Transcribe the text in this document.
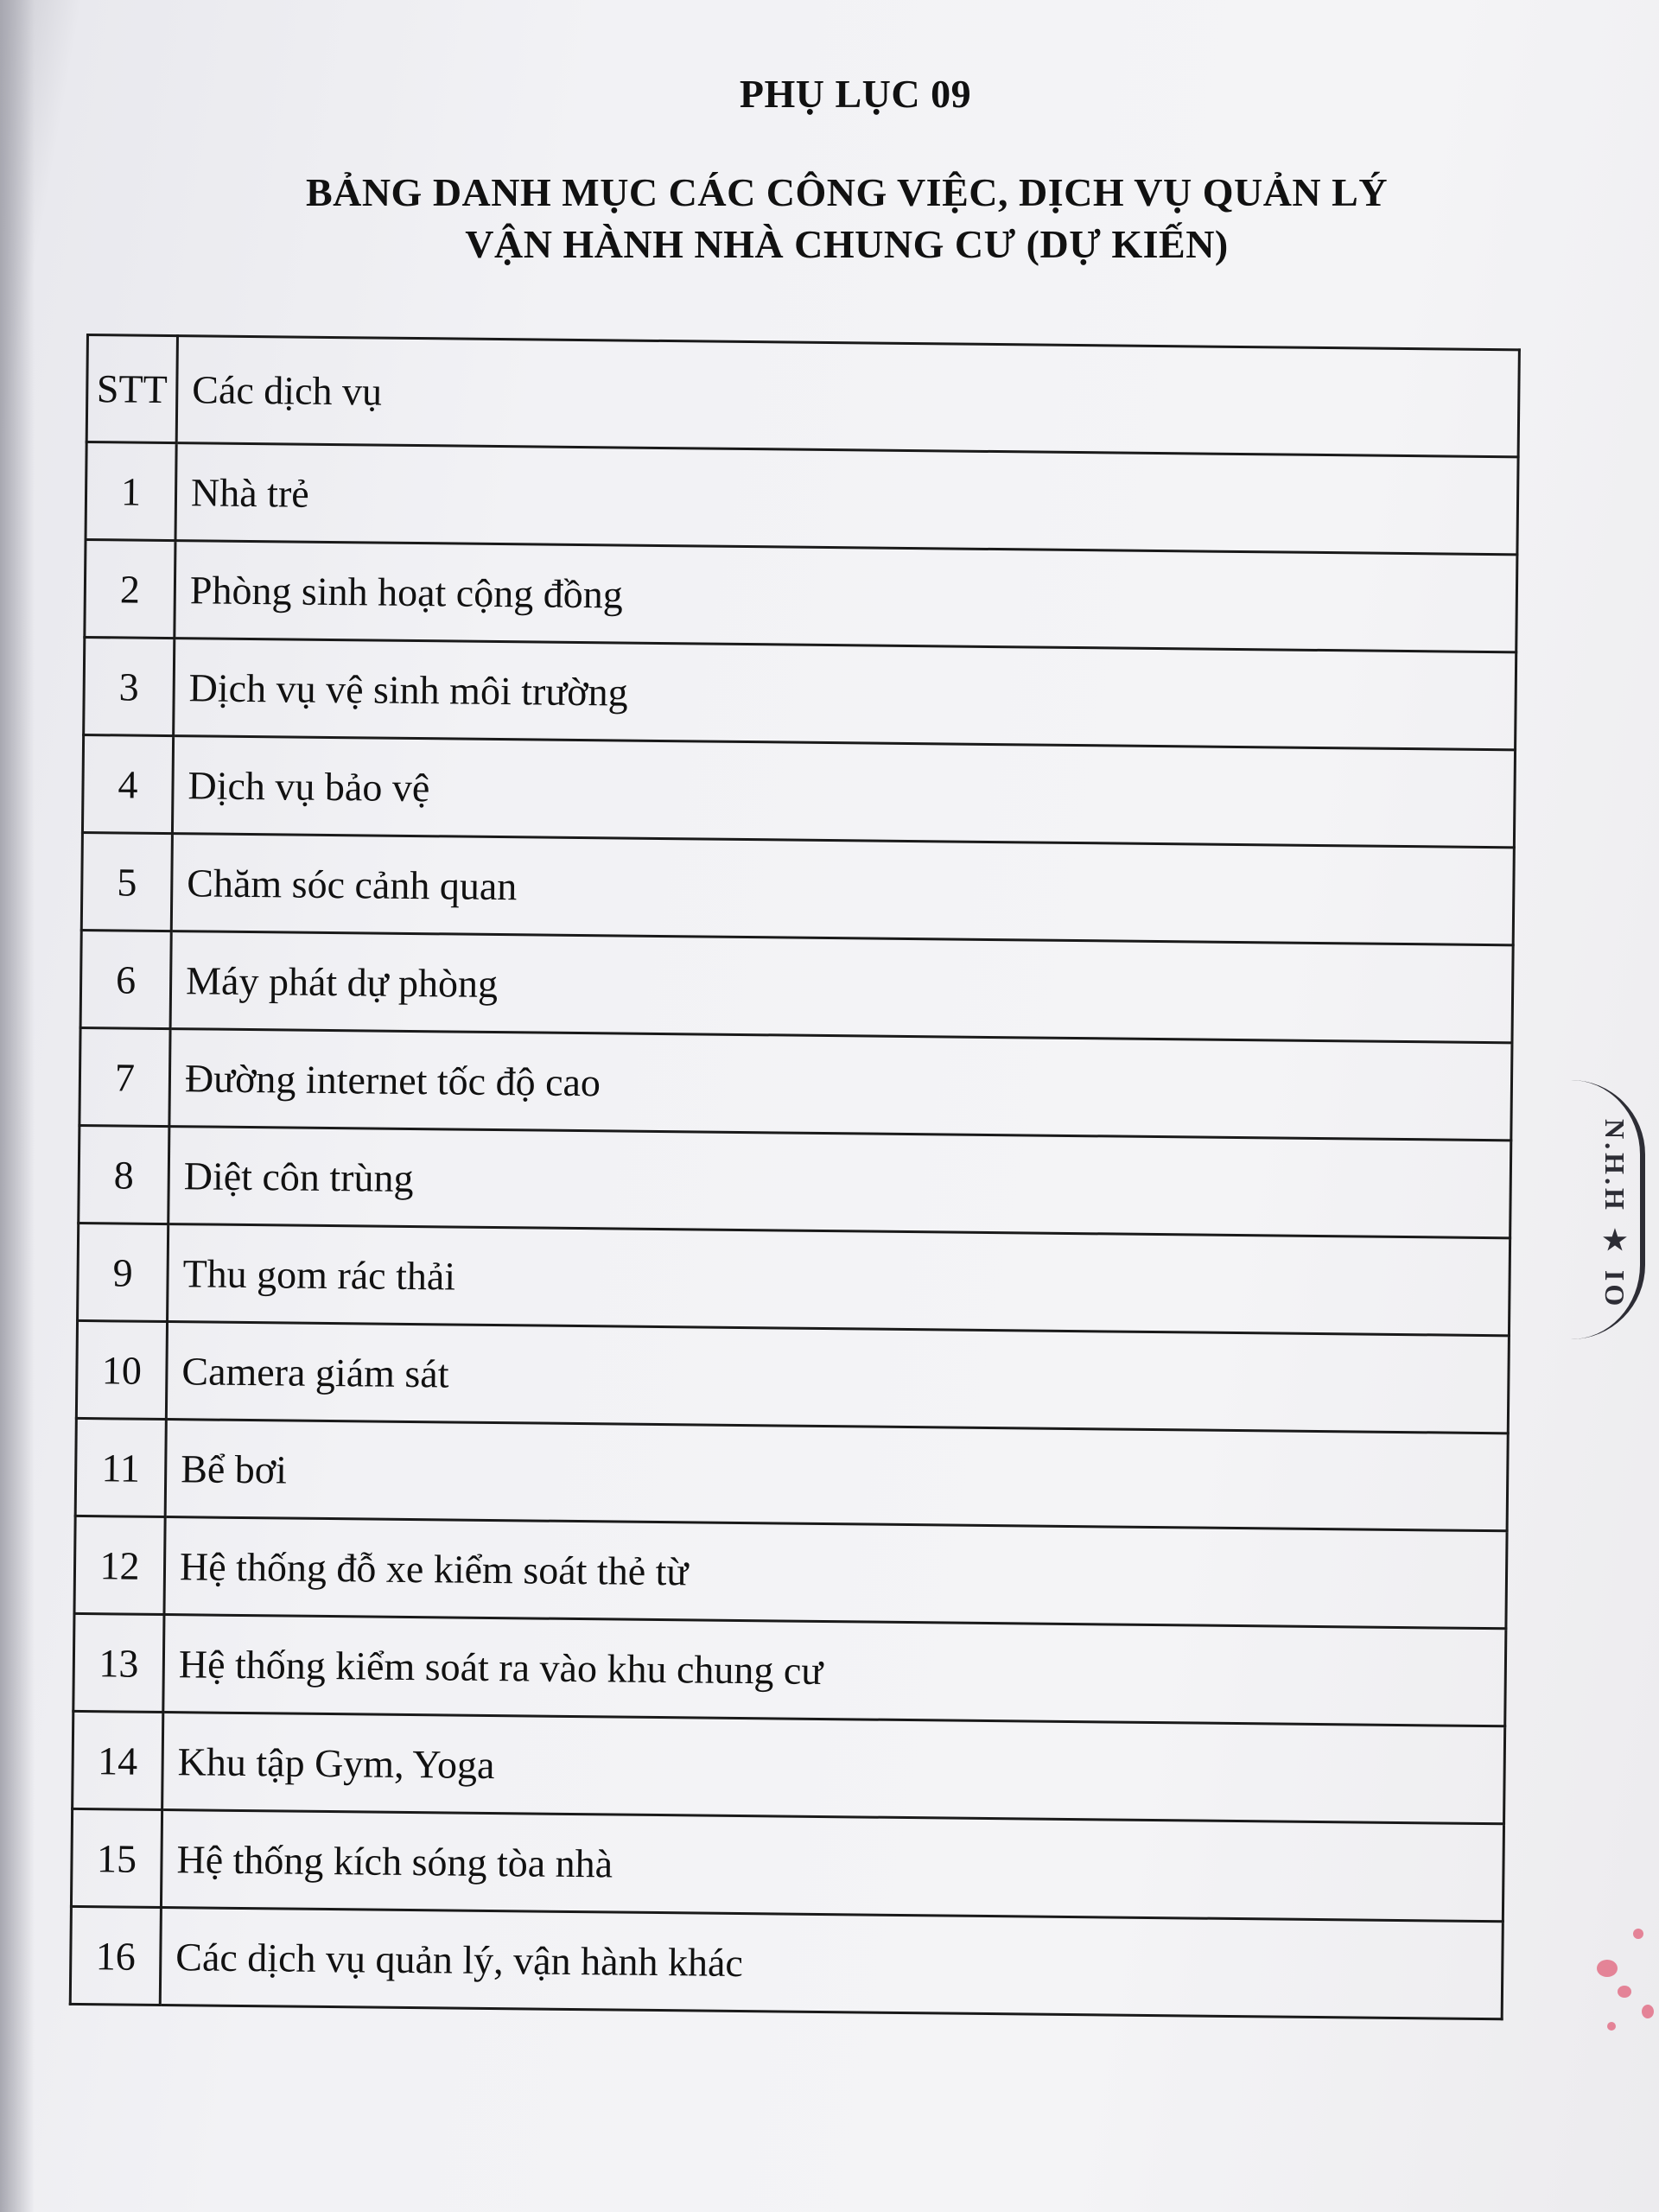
PHỤ LỤC 09
BẢNG DANH MỤC CÁC CÔNG VIỆC, DỊCH VỤ QUẢN LÝ
VẬN HÀNH NHÀ CHUNG CƯ (DỰ KIẾN)
STT	Các dịch vụ
1	Nhà trẻ
2	Phòng sinh hoạt cộng đồng
3	Dịch vụ vệ sinh môi trường
4	Dịch vụ bảo vệ
5	Chăm sóc cảnh quan
6	Máy phát dự phòng
7	Đường internet tốc độ cao
8	Diệt côn trùng
9	Thu gom rác thải
10	Camera giám sát
11	Bể bơi
12	Hệ thống đỗ xe kiểm soát thẻ từ
13	Hệ thống kiểm soát ra vào khu chung cư
14	Khu tập Gym, Yoga
15	Hệ thống kích sóng tòa nhà
16	Các dịch vụ quản lý, vận hành khác
N.H.H ★ IO
